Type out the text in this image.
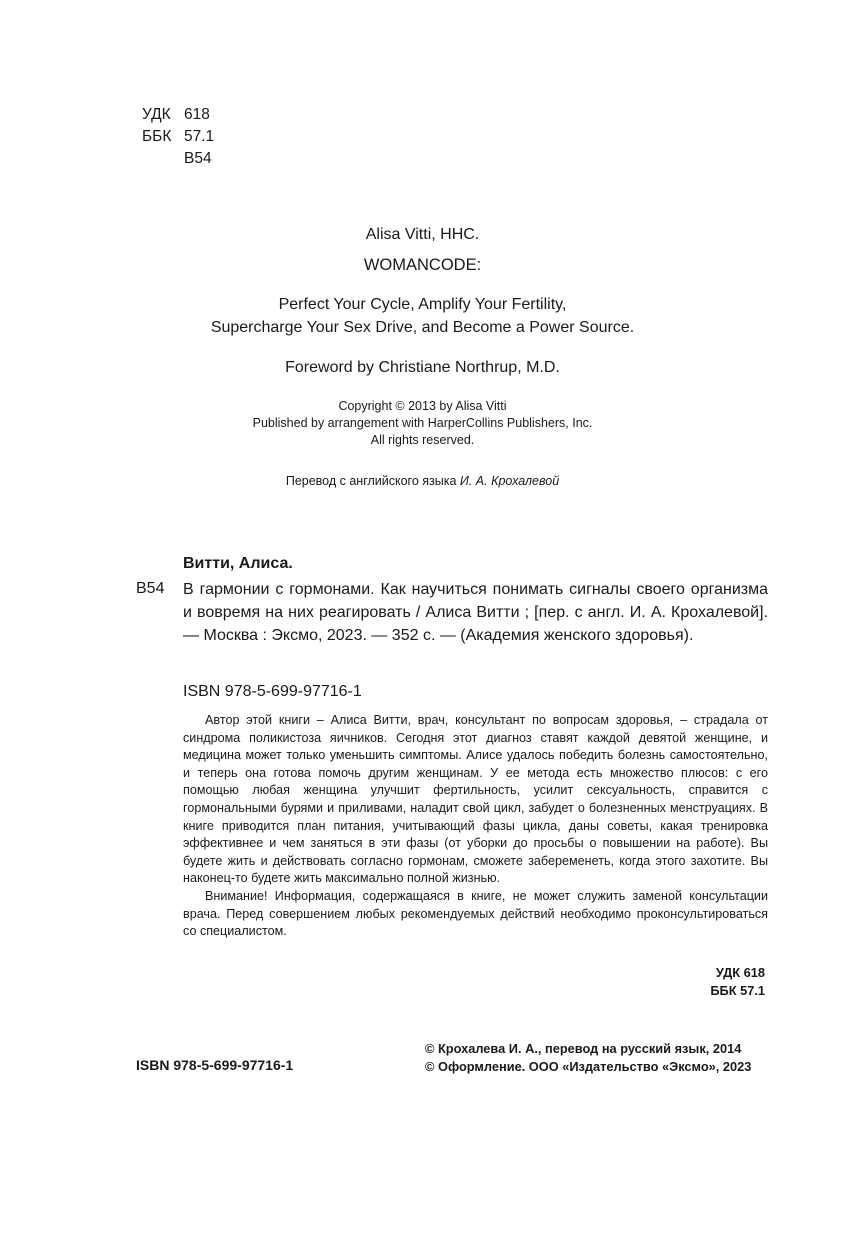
УДК 618
ББК 57.1
В54
Alisa Vitti, HHC.
WOMANCODE:
Perfect Your Cycle, Amplify Your Fertility,
Supercharge Your Sex Drive, and Become a Power Source.
Foreword by Christiane Northrup, M.D.
Copyright © 2013 by Alisa Vitti
Published by arrangement with HarperCollins Publishers, Inc.
All rights reserved.
Перевод с английского языка И. А. Крохалевой
Витти, Алиса.
В54 В гармонии с гормонами. Как научиться понимать сигналы своего организма и вовремя на них реагировать / Алиса Витти ; [пер. с англ. И. А. Крохалевой]. — Москва : Эксмо, 2023. — 352 с. — (Академия женского здоровья).
ISBN 978-5-699-97716-1

Автор этой книги – Алиса Витти, врач, консультант по вопросам здоровья, – страдала от синдрома поликистоза яичников. Сегодня этот диагноз ставят каждой девятой женщине, и медицина может только уменьшить симптомы. Алисе удалось победить болезнь самостоятельно, и теперь она готова помочь другим женщинам. У ее метода есть множество плюсов: с его помощью любая женщина улучшит фертильность, усилит сексуальность, справится с гормональными бурями и приливами, наладит свой цикл, забудет о болезненных менструациях. В книге приводится план питания, учитывающий фазы цикла, даны советы, какая тренировка эффективнее и чем заняться в эти фазы (от уборки до просьбы о повышении на работе). Вы будете жить и действовать согласно гормонам, сможете забеременеть, когда этого захотите. Вы наконец-то будете жить максимально полной жизнью.

Внимание! Информация, содержащаяся в книге, не может служить заменой консультации врача. Перед совершением любых рекомендуемых действий необходимо проконсультироваться со специалистом.

УДК 618
ББК 57.1
ISBN 978-5-699-97716-1
© Крохалева И. А., перевод на русский язык, 2014
© Оформление. ООО «Издательство «Эксмо», 2023
